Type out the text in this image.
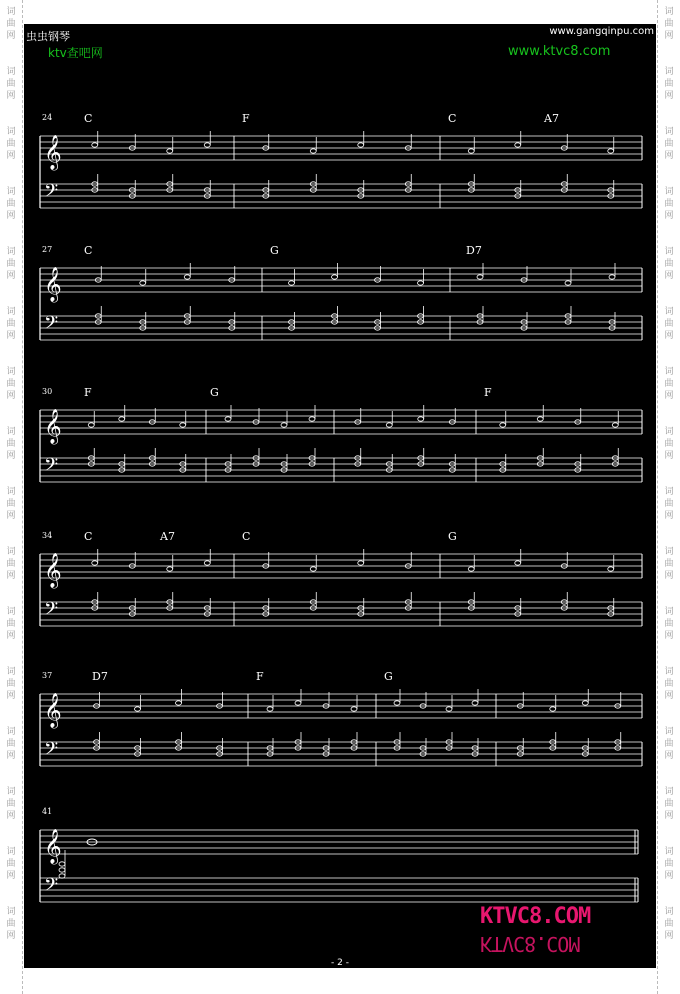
词	词
曲	曲
网	网
词	词
曲	曲
网	网
词	词
曲	曲
网	网
词	词
曲	曲
网	网
词	词
曲	曲
网	网
词	词
曲	曲
网	网
词	词
曲	曲
网	网
词	词
曲	曲
网	网
词	词
曲	曲
网	网
词	词
曲	曲
网	网
词	词
曲	曲
网	网
词	词
曲	曲
网	网
词	词
曲	曲
网	网
词	词
曲	曲
网	网
词	词
曲	曲
网	网
词	词
曲	曲
网	网
虫虫钢琴
ktv查吧网
www.gangqinpu.com
www.ktvc8.com
𝄞
𝄢
24	C	F	C	A7
𝄞
𝄢
27	C	G	D7
𝄞
𝄢
30	F	G	F
𝄞
𝄢
34	C	A7	C	G
𝄞
𝄢
37	D7	F	G
𝄞
𝄢
41
KTVC8.COM
KTVC8.COM
- 2 -
